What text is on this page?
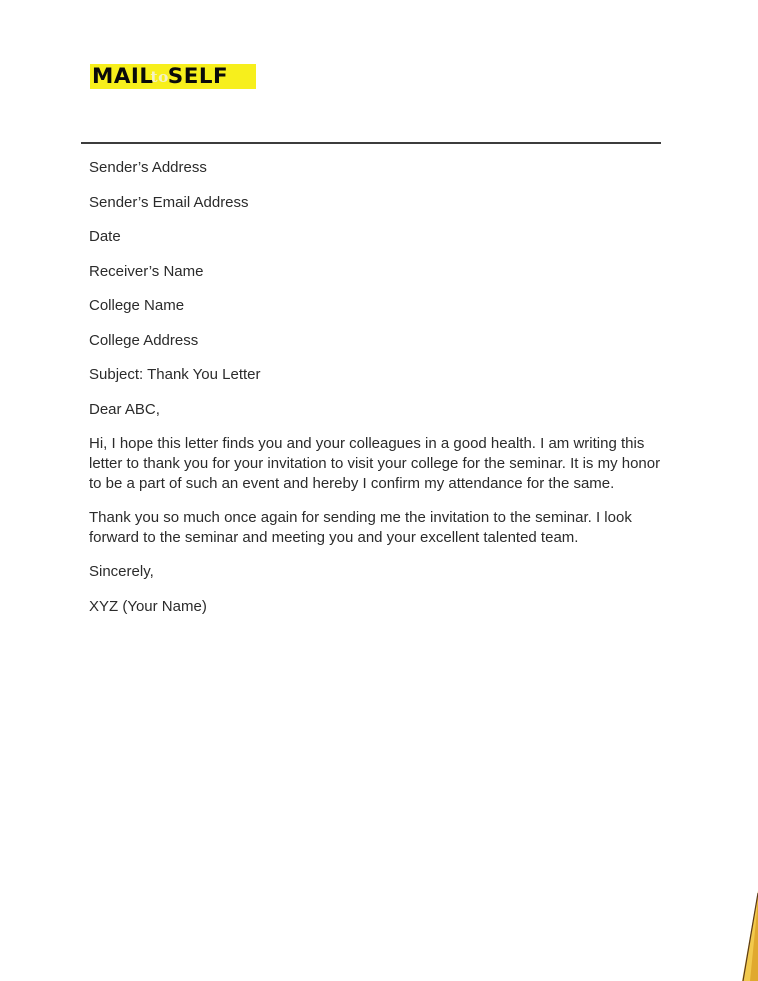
MAILtoSELF
Sender’s Address
Sender’s Email Address
Date
Receiver’s Name
College Name
College Address
Subject: Thank You Letter
Dear ABC,
Hi, I hope this letter finds you and your colleagues in a good health. I am writing this
letter to thank you for your invitation to visit your college for the seminar. It is my honor
to be a part of such an event and hereby I confirm my attendance for the same.
Thank you so much once again for sending me the invitation to the seminar. I look
forward to the seminar and meeting you and your excellent talented team.
Sincerely,
XYZ (Your Name)
